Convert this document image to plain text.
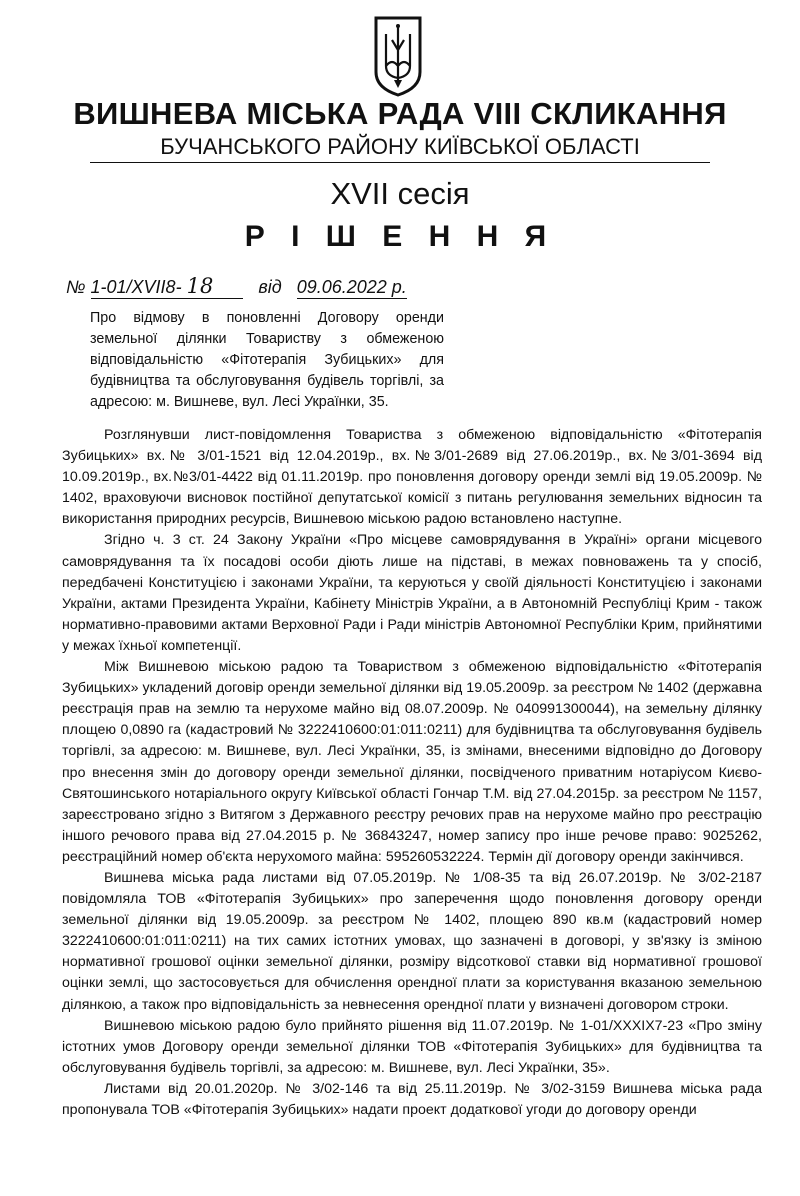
ВИШНЕВА МІСЬКА РАДА VIII СКЛИКАННЯ
БУЧАНСЬКОГО РАЙОНУ КИЇВСЬКОЇ ОБЛАСТІ
XVII сесія
Р І Ш Е Н Н Я
№ 1-01/XVII8- 18	від 09.06.2022 р.
Про відмову в поновленні Договору оренди земельної ділянки Товариству з обмеженою відповідальністю «Фітотерапія Зубицьких» для будівництва та обслуговування будівель торгівлі, за адресою: м. Вишневе, вул. Лесі Українки, 35.

Розглянувши лист-повідомлення Товариства з обмеженою відповідальністю «Фітотерапія Зубицьких» вх.№ 3/01-1521 від 12.04.2019р., вх.№3/01-2689 від 27.06.2019р., вх.№3/01-3694 від 10.09.2019р., вх.№3/01-4422 від 01.11.2019р. про поновлення договору оренди землі від 19.05.2009р. № 1402, враховуючи висновок постійної депутатської комісії з питань регулювання земельних відносин та використання природних ресурсів, Вишневою міською радою встановлено наступне.

Згідно ч. 3 ст. 24 Закону України «Про місцеве самоврядування в Україні» органи місцевого самоврядування та їх посадові особи діють лише на підставі, в межах повноважень та у спосіб, передбачені Конституцією і законами України, та керуються у своїй діяльності Конституцією і законами України, актами Президента України, Кабінету Міністрів України, а в Автономній Республіці Крим - також нормативно-правовими актами Верховної Ради і Ради міністрів Автономної Республіки Крим, прийнятими у межах їхньої компетенції.

Між Вишневою міською радою та Товариством з обмеженою відповідальністю «Фітотерапія Зубицьких» укладений договір оренди земельної ділянки від 19.05.2009р. за реєстром № 1402 (державна реєстрація прав на землю та нерухоме майно від 08.07.2009р. № 040991300044), на земельну ділянку площею 0,0890 га (кадастровий № 3222410600:01:011:0211) для будівництва та обслуговування будівель торгівлі, за адресою: м. Вишневе, вул. Лесі Українки, 35, із змінами, внесеними відповідно до Договору про внесення змін до договору оренди земельної ділянки, посвідченого приватним нотаріусом Києво-Святошинського нотаріального округу Київської області Гончар Т.М. від 27.04.2015р. за реєстром № 1157, зареєстровано згідно з Витягом з Державного реєстру речових прав на нерухоме майно про реєстрацію іншого речового права від 27.04.2015 р. № 36843247, номер запису про інше речове право: 9025262, реєстраційний номер об'єкта нерухомого майна: 595260532224. Термін дії договору оренди закінчився.

Вишнева міська рада листами від 07.05.2019р. № 1/08-35 та від 26.07.2019р. № 3/02-2187 повідомляла ТОВ «Фітотерапія Зубицьких» про заперечення щодо поновлення договору оренди земельної ділянки від 19.05.2009р. за реєстром № 1402, площею 890 кв.м (кадастровий номер 3222410600:01:011:0211) на тих самих істотних умовах, що зазначені в договорі, у зв'язку із зміною нормативної грошової оцінки земельної ділянки, розміру відсоткової ставки від нормативної грошової оцінки землі, що застосовується для обчислення орендної плати за користування вказаною земельною ділянкою, а також про відповідальність за невнесення орендної плати у визначені договором строки.

Вишневою міською радою було прийнято рішення від 11.07.2019р. № 1-01/XXXIX7-23 «Про зміну істотних умов Договору оренди земельної ділянки ТОВ «Фітотерапія Зубицьких» для будівництва та обслуговування будівель торгівлі, за адресою: м. Вишневе, вул. Лесі Українки, 35».

Листами від 20.01.2020р. № 3/02-146 та від 25.11.2019р. № 3/02-3159 Вишнева міська рада пропонувала ТОВ «Фітотерапія Зубицьких» надати проект додаткової угоди до договору оренди
